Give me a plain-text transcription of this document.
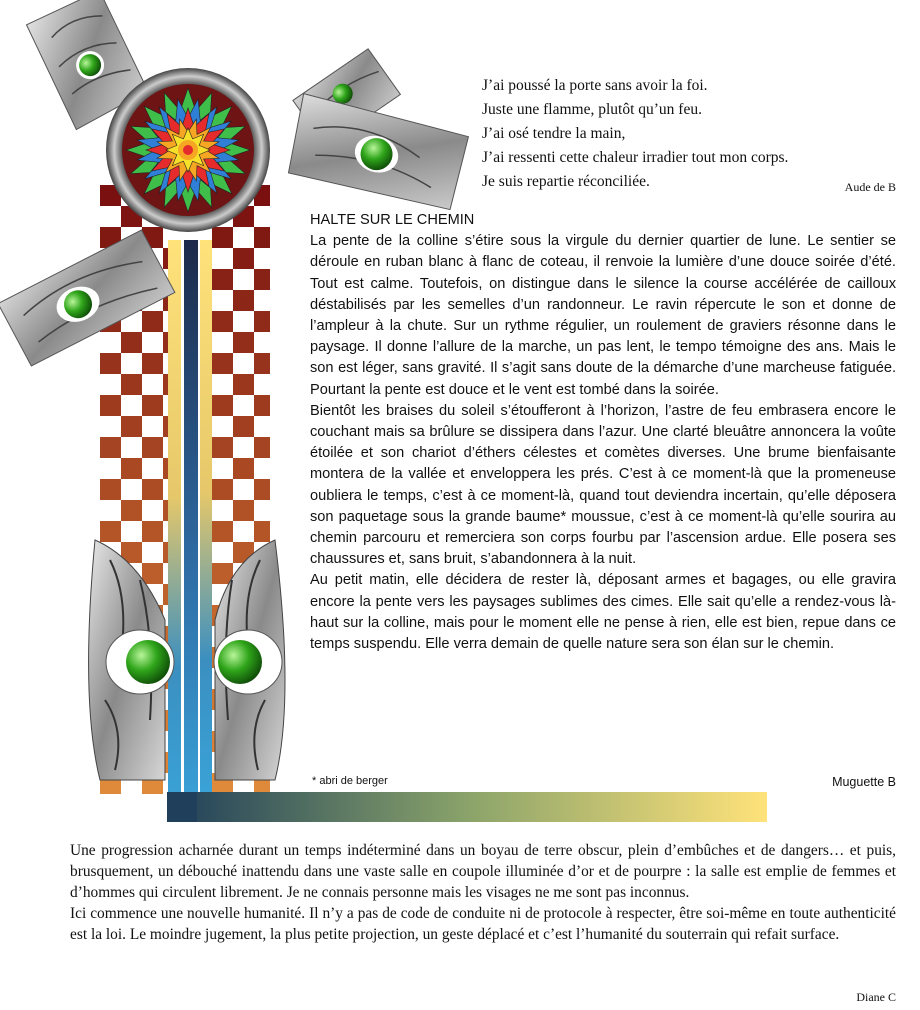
J’ai poussé la porte sans avoir la foi.
Juste une flamme, plutôt qu’un feu.
J’ai osé tendre la main,
J’ai ressenti cette chaleur irradier tout mon corps.
Je suis repartie réconciliée.	Aude de B
HALTE SUR LE CHEMIN

La pente de la colline s’étire sous la virgule du dernier quartier de lune. Le sentier se déroule en ruban blanc à flanc de coteau, il renvoie la lumière d’une douce soirée d’été. Tout est calme. Toutefois, on distingue dans le silence la course accélérée de cailloux déstabilisés par les semelles d’un randonneur. Le ravin répercute le son et donne de l’ampleur à la chute. Sur un rythme régulier, un roulement de graviers résonne dans le paysage. Il donne l’allure de la marche, un pas lent, le tempo témoigne des ans. Mais le son est léger, sans gravité. Il s’agit sans doute de la démarche d’une marcheuse fatiguée. Pourtant la pente est douce et le vent est tombé dans la soirée.

Bientôt les braises du soleil s’étoufferont à l’horizon, l’astre de feu embrasera encore le couchant mais sa brûlure se dissipera dans l’azur. Une clarté bleuâtre annoncera la voûte étoilée et son chariot d’éthers célestes et comètes diverses. Une brume bienfaisante montera de la vallée et enveloppera les prés. C’est à ce moment-là que la promeneuse oubliera le temps, c’est à ce moment-là, quand tout deviendra incertain, qu’elle déposera son paquetage sous la grande baume* moussue, c’est à ce moment-là qu’elle sourira au chemin parcouru et remerciera son corps fourbu par l’ascension ardue. Elle posera ses chaussures et, sans bruit, s’abandonnera à la nuit.

Au petit matin, elle décidera de rester là, déposant armes et bagages, ou elle gravira encore la pente vers les paysages sublimes des cimes. Elle sait qu’elle a rendez-vous là-haut sur la colline, mais pour le moment elle ne pense à rien, elle est bien, repue dans ce temps suspendu. Elle verra demain de quelle nature sera son élan sur le chemin.

* abri de berger	Muguette B

Une progression acharnée durant un temps indéterminé dans un boyau de terre obscur, plein d’embûches et de dangers… et puis, brusquement, un débouché inattendu dans une vaste salle en coupole illuminée d’or et de pourpre : la salle est emplie de femmes et d’hommes qui circulent librement. Je ne connais personne mais les visages ne me sont pas inconnus.

Ici commence une nouvelle humanité. Il n’y a pas de code de conduite ni de protocole à respecter, être soi-même en toute authenticité est la loi. Le moindre jugement, la plus petite projection, un geste déplacé et c’est l’humanité du souterrain qui refait surface.

Diane C
